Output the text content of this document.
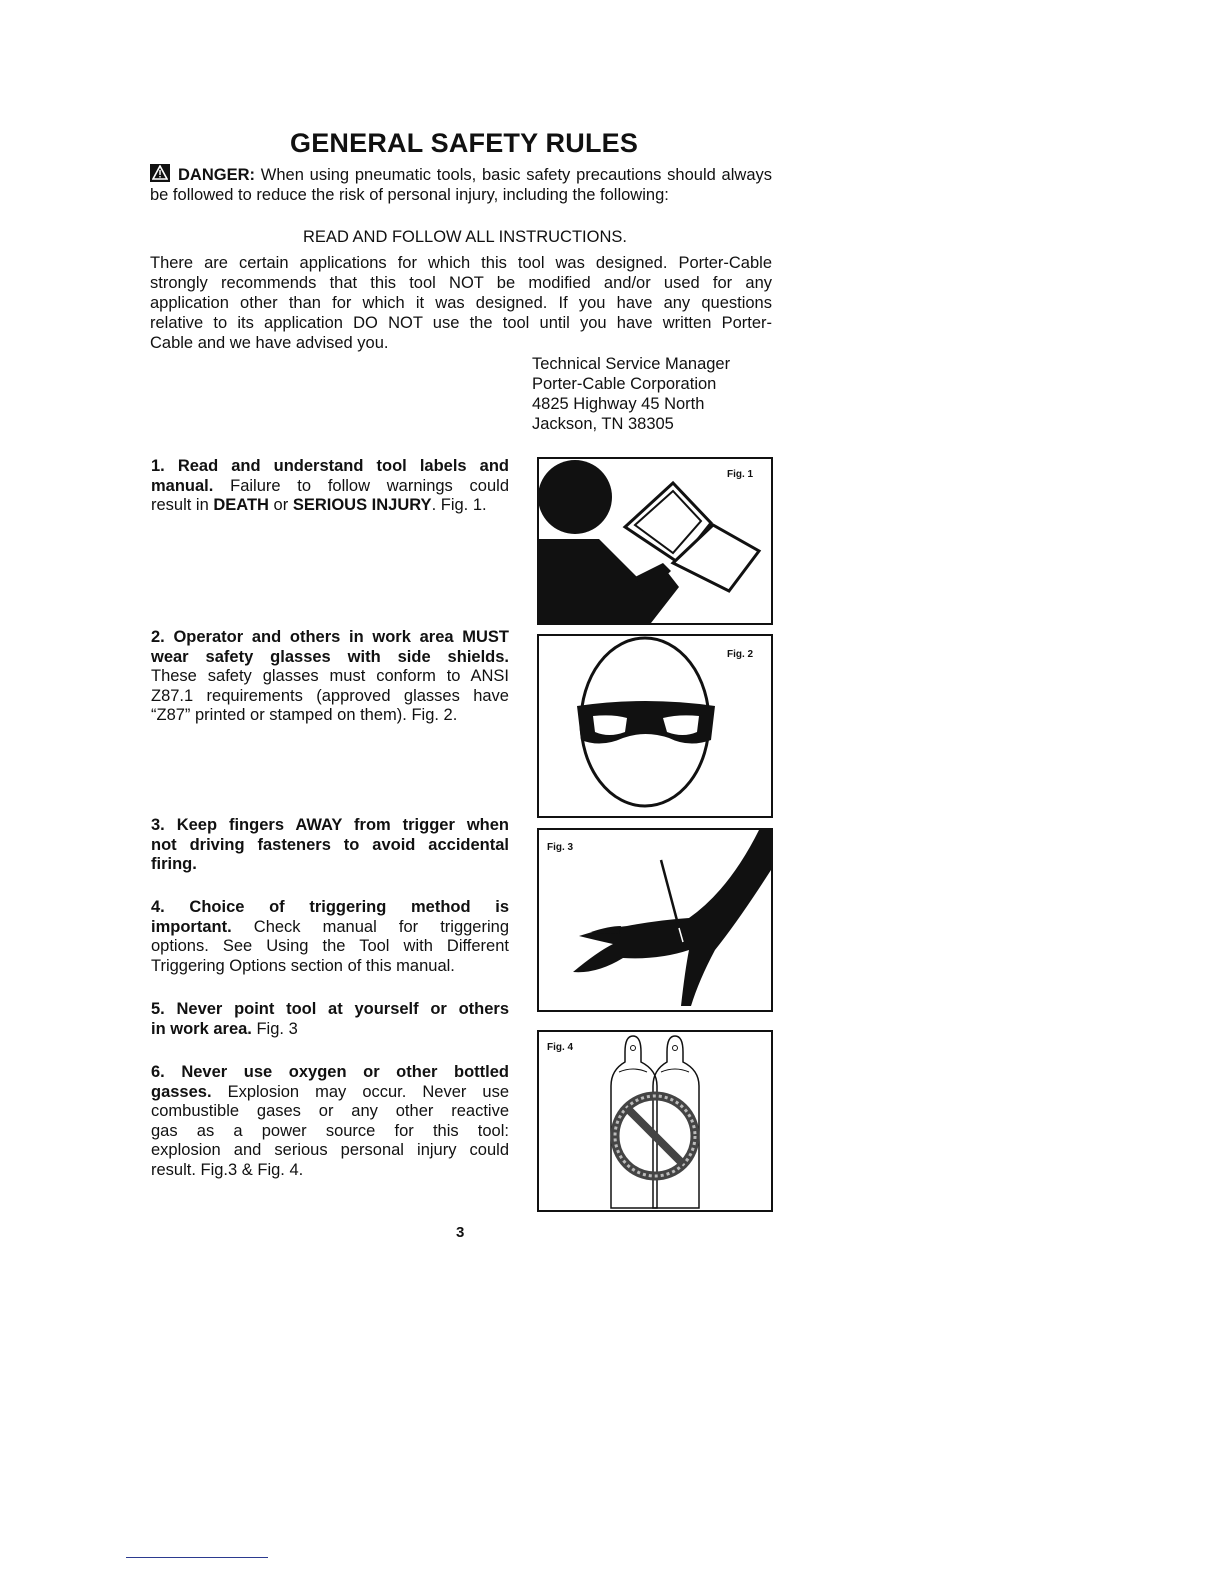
GENERAL SAFETY RULES
DANGER: When using pneumatic tools, basic safety precautions should always be followed to reduce the risk of personal injury, including the following:
READ AND FOLLOW ALL INSTRUCTIONS.
There are certain applications for which this tool was designed. Porter-Cable
strongly recommends that this tool NOT be modified and/or used for any
application other than for which it was designed. If you have any questions
relative to its application DO NOT use the tool until you have written Porter-
Cable and we have advised you.
Technical Service Manager
Porter-Cable Corporation
4825 Highway 45 North
Jackson, TN 38305
1. Read and understand tool labels and
manual. Failure to follow warnings could
result in DEATH or SERIOUS INJURY. Fig. 1.
2. Operator and others in work area MUST
wear safety glasses with side shields.
These safety glasses must conform to ANSI
Z87.1 requirements (approved glasses have
“Z87” printed or stamped on them). Fig. 2.
3. Keep fingers AWAY from trigger when
not driving fasteners to avoid accidental
firing.
4. Choice of triggering method is
important. Check manual for triggering
options. See Using the Tool with Different
Triggering Options section of this manual.
5. Never point tool at yourself or others
in work area. Fig. 3
6. Never use oxygen or other bottled
gasses. Explosion may occur. Never use
combustible gases or any other reactive
gas as a power source for this tool:
explosion and serious personal injury could
result. Fig.3 & Fig. 4.
Fig. 1
Fig. 2
Fig. 3
Fig. 4
3
